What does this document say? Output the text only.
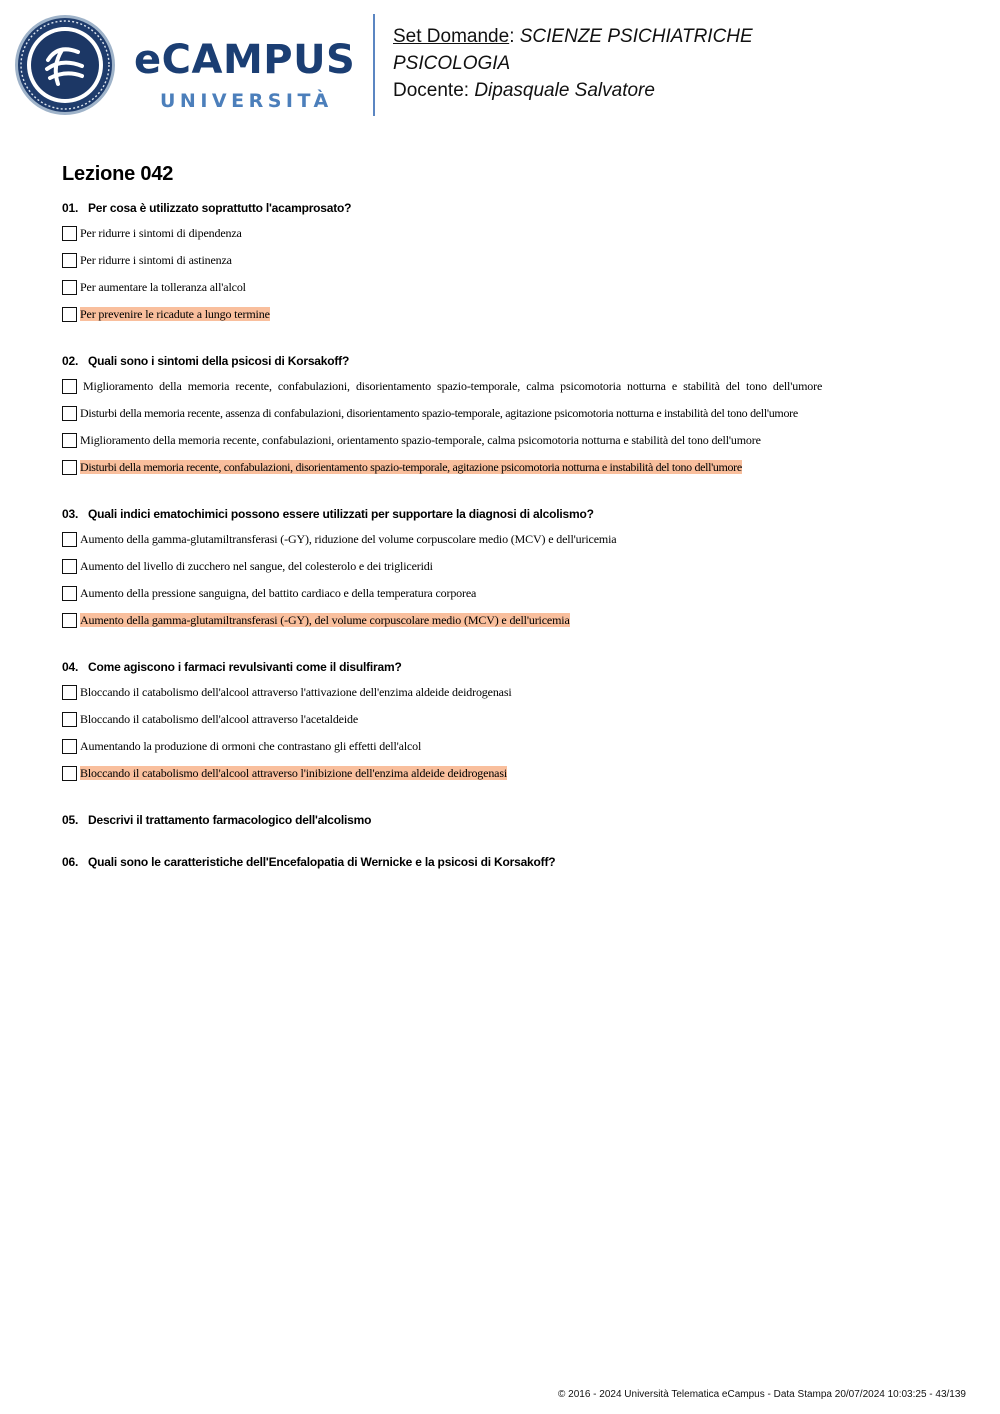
eCAMPUS
UNIVERSITÀ
Set Domande: SCIENZE PSICHIATRICHE
PSICOLOGIA
Docente: Dipasquale Salvatore
Lezione 042
01. Per cosa è utilizzato soprattutto l'acamprosato?
Per ridurre i sintomi di dipendenza
Per ridurre i sintomi di astinenza
Per aumentare la tolleranza all'alcol
Per prevenire le ricadute a lungo termine
02. Quali sono i sintomi della psicosi di Korsakoff?
Miglioramento della memoria recente, confabulazioni, disorientamento spazio-temporale, calma psicomotoria notturna e stabilità del tono dell'umore
Disturbi della memoria recente, assenza di confabulazioni, disorientamento spazio-temporale, agitazione psicomotoria notturna e instabilità del tono dell'umore
Miglioramento della memoria recente, confabulazioni, orientamento spazio-temporale, calma psicomotoria notturna e stabilità del tono dell'umore
Disturbi della memoria recente, confabulazioni, disorientamento spazio-temporale, agitazione psicomotoria notturna e instabilità del tono dell'umore
03. Quali indici ematochimici possono essere utilizzati per supportare la diagnosi di alcolismo?
Aumento della gamma-glutamiltransferasi (-GY), riduzione del volume corpuscolare medio (MCV) e dell'uricemia
Aumento del livello di zucchero nel sangue, del colesterolo e dei trigliceridi
Aumento della pressione sanguigna, del battito cardiaco e della temperatura corporea
Aumento della gamma-glutamiltransferasi (-GY), del volume corpuscolare medio (MCV) e dell'uricemia
04. Come agiscono i farmaci revulsivanti come il disulfiram?
Bloccando il catabolismo dell'alcool attraverso l'attivazione dell'enzima aldeide deidrogenasi
Bloccando il catabolismo dell'alcool attraverso l'acetaldeide
Aumentando la produzione di ormoni che contrastano gli effetti dell'alcol
Bloccando il catabolismo dell'alcool attraverso l'inibizione dell'enzima aldeide deidrogenasi
05. Descrivi il trattamento farmacologico dell'alcolismo
06. Quali sono le caratteristiche dell'Encefalopatia di Wernicke e la psicosi di Korsakoff?
© 2016 - 2024 Università Telematica eCampus - Data Stampa 20/07/2024 10:03:25 - 43/139
